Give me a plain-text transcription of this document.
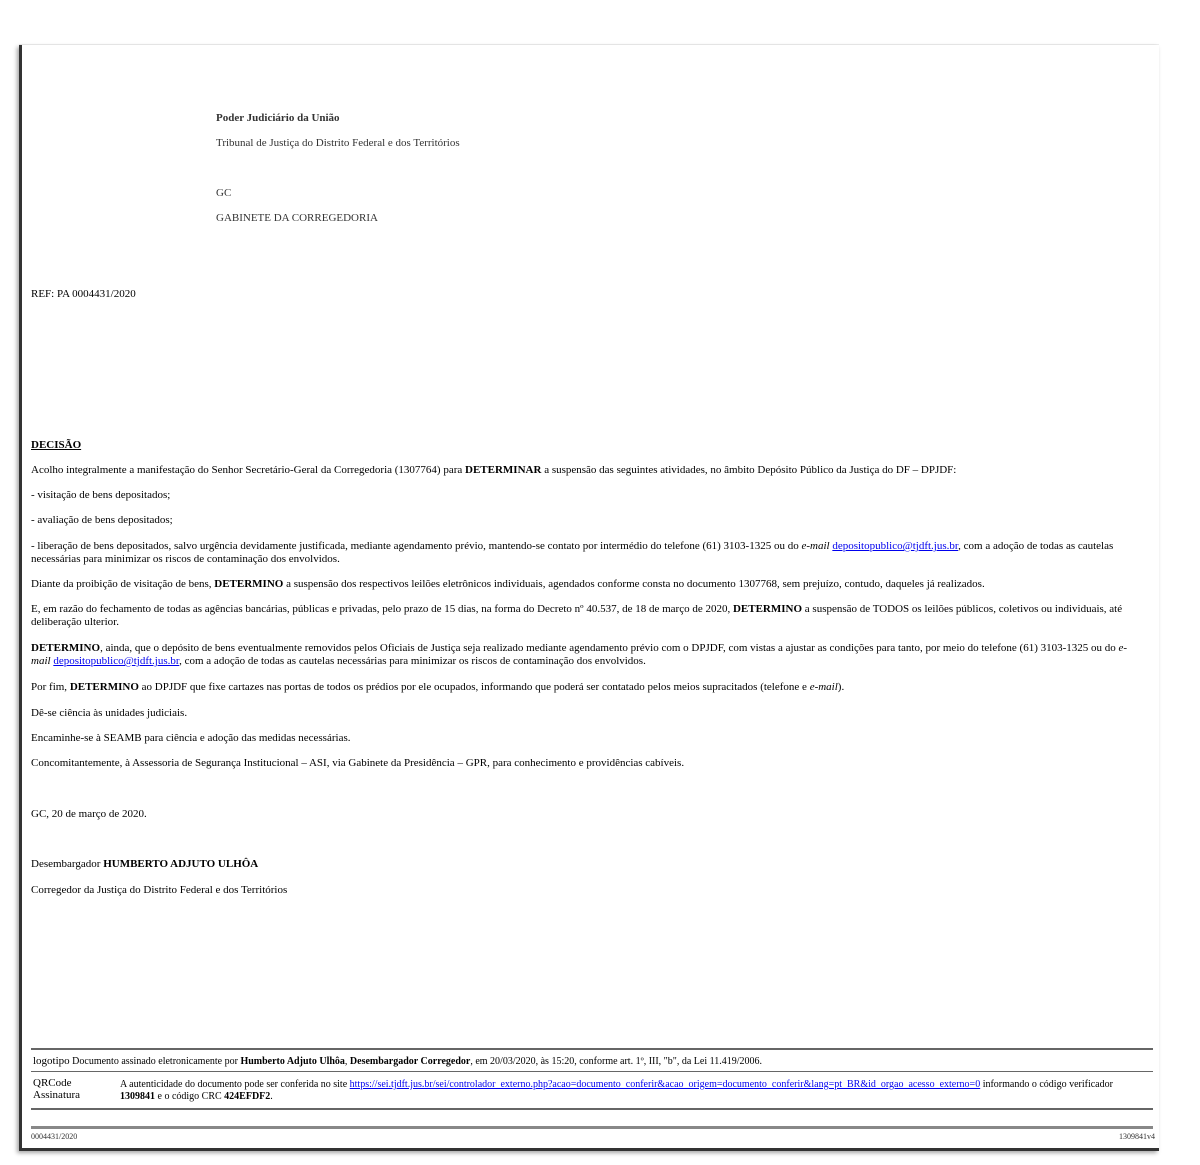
Poder Judiciário da União
Tribunal de Justiça do Distrito Federal e dos Territórios
GC
GABINETE DA CORREGEDORIA
REF: PA 0004431/2020
DECISÃO
Acolho integralmente a manifestação do Senhor Secretário-Geral da Corregedoria (1307764) para DETERMINAR a suspensão das seguintes atividades, no âmbito Depósito Público da Justiça do DF – DPJDF:
- visitação de bens depositados;
- avaliação de bens depositados;
- liberação de bens depositados, salvo urgência devidamente justificada, mediante agendamento prévio, mantendo-se contato por intermédio do telefone (61) 3103-1325 ou do e-mail depositopublico@tjdft.jus.br, com a adoção de todas as cautelas necessárias para minimizar os riscos de contaminação dos envolvidos.
Diante da proibição de visitação de bens, DETERMINO a suspensão dos respectivos leilões eletrônicos individuais, agendados conforme consta no documento 1307768, sem prejuízo, contudo, daqueles já realizados.
E, em razão do fechamento de todas as agências bancárias, públicas e privadas, pelo prazo de 15 dias, na forma do Decreto nº 40.537, de 18 de março de 2020, DETERMINO a suspensão de TODOS os leilões públicos, coletivos ou individuais, até deliberação ulterior.
DETERMINO, ainda, que o depósito de bens eventualmente removidos pelos Oficiais de Justiça seja realizado mediante agendamento prévio com o DPJDF, com vistas a ajustar as condições para tanto, por meio do telefone (61) 3103-1325 ou do e-mail depositopublico@tjdft.jus.br, com a adoção de todas as cautelas necessárias para minimizar os riscos de contaminação dos envolvidos.
Por fim, DETERMINO ao DPJDF que fixe cartazes nas portas de todos os prédios por ele ocupados, informando que poderá ser contatado pelos meios supracitados (telefone e e-mail).
Dê-se ciência às unidades judiciais.
Encaminhe-se à SEAMB para ciência e adoção das medidas necessárias.
Concomitantemente, à Assessoria de Segurança Institucional – ASI, via Gabinete da Presidência – GPR, para conhecimento e providências cabíveis.
GC, 20 de março de 2020.
Desembargador HUMBERTO ADJUTO ULHÔA
Corregedor da Justiça do Distrito Federal e dos Territórios
logotipo Documento assinado eletronicamente por Humberto Adjuto Ulhôa, Desembargador Corregedor, em 20/03/2020, às 15:20, conforme art. 1º, III, "b", da Lei 11.419/2006.
QRCode
Assinatura
A autenticidade do documento pode ser conferida no site https://sei.tjdft.jus.br/sei/controlador_externo.php?acao=documento_conferir&acao_origem=documento_conferir&lang=pt_BR&id_orgao_acesso_externo=0 informando o código verificador 1309841 e o código CRC 424EFDF2.
0004431/2020	1309841v4
